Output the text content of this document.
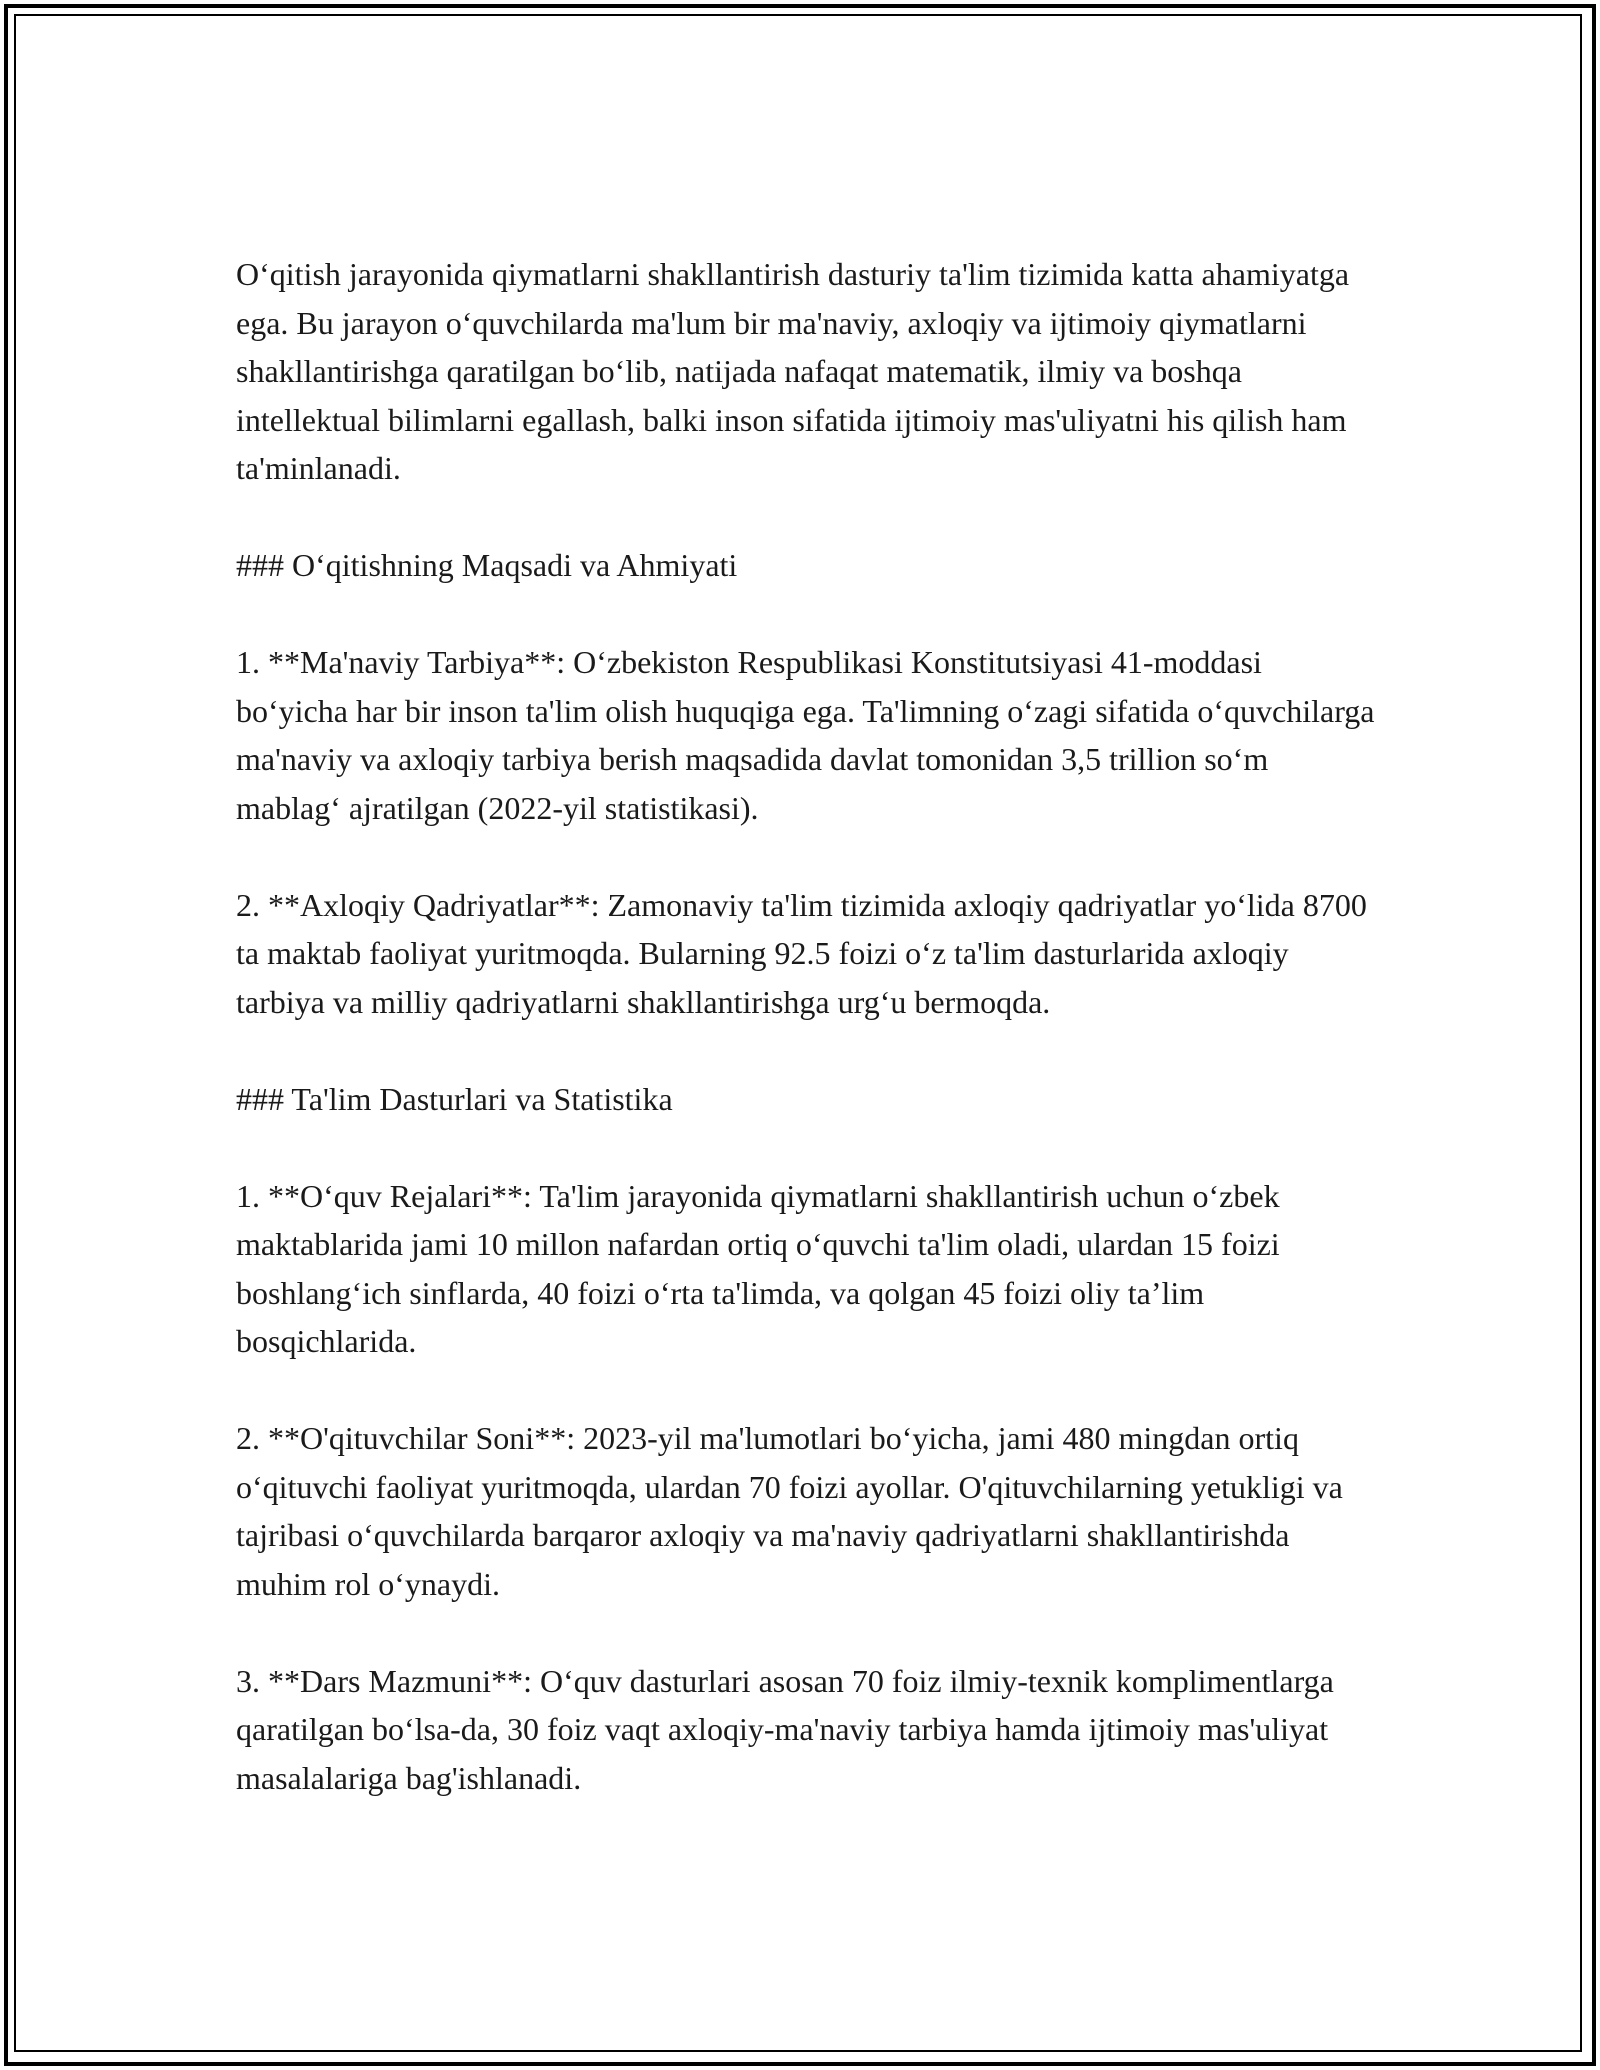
O‘qitish jarayonida qiymatlarni shakllantirish dasturiy ta'lim tizimida katta ahamiyatga ega. Bu jarayon o‘quvchilarda ma'lum bir ma'naviy, axloqiy va ijtimoiy qiymatlarni shakllantirishga qaratilgan bo‘lib, natijada nafaqat matematik, ilmiy va boshqa intellektual bilimlarni egallash, balki inson sifatida ijtimoiy mas'uliyatni his qilish ham ta'minlanadi.

### O‘qitishning Maqsadi va Ahmiyati

1. **Ma'naviy Tarbiya**: O‘zbekiston Respublikasi Konstitutsiyasi 41-moddasi bo‘yicha har bir inson ta'lim olish huquqiga ega. Ta'limning o‘zagi sifatida o‘quvchilarga ma'naviy va axloqiy tarbiya berish maqsadida davlat tomonidan 3,5 trillion so‘m mablag‘ ajratilgan (2022-yil statistikasi).

2. **Axloqiy Qadriyatlar**: Zamonaviy ta'lim tizimida axloqiy qadriyatlar yo‘lida 8700 ta maktab faoliyat yuritmoqda. Bularning 92.5 foizi o‘z ta'lim dasturlarida axloqiy tarbiya va milliy qadriyatlarni shakllantirishga urg‘u bermoqda.

### Ta'lim Dasturlari va Statistika

1. **O‘quv Rejalari**: Ta'lim jarayonida qiymatlarni shakllantirish uchun o‘zbek maktablarida jami 10 millon nafardan ortiq o‘quvchi ta'lim oladi, ulardan 15 foizi boshlang‘ich sinflarda, 40 foizi o‘rta ta'limda, va qolgan 45 foizi oliy ta’lim bosqichlarida.

2. **O'qituvchilar Soni**: 2023-yil ma'lumotlari bo‘yicha, jami 480 mingdan ortiq o‘qituvchi faoliyat yuritmoqda, ulardan 70 foizi ayollar. O'qituvchilarning yetukligi va tajribasi o‘quvchilarda barqaror axloqiy va ma'naviy qadriyatlarni shakllantirishda muhim rol o‘ynaydi.

3. **Dars Mazmuni**: O‘quv dasturlari asosan 70 foiz ilmiy-texnik komplimentlarga qaratilgan bo‘lsa-da, 30 foiz vaqt axloqiy-ma'naviy tarbiya hamda ijtimoiy mas'uliyat masalalariga bag'ishlanadi.
